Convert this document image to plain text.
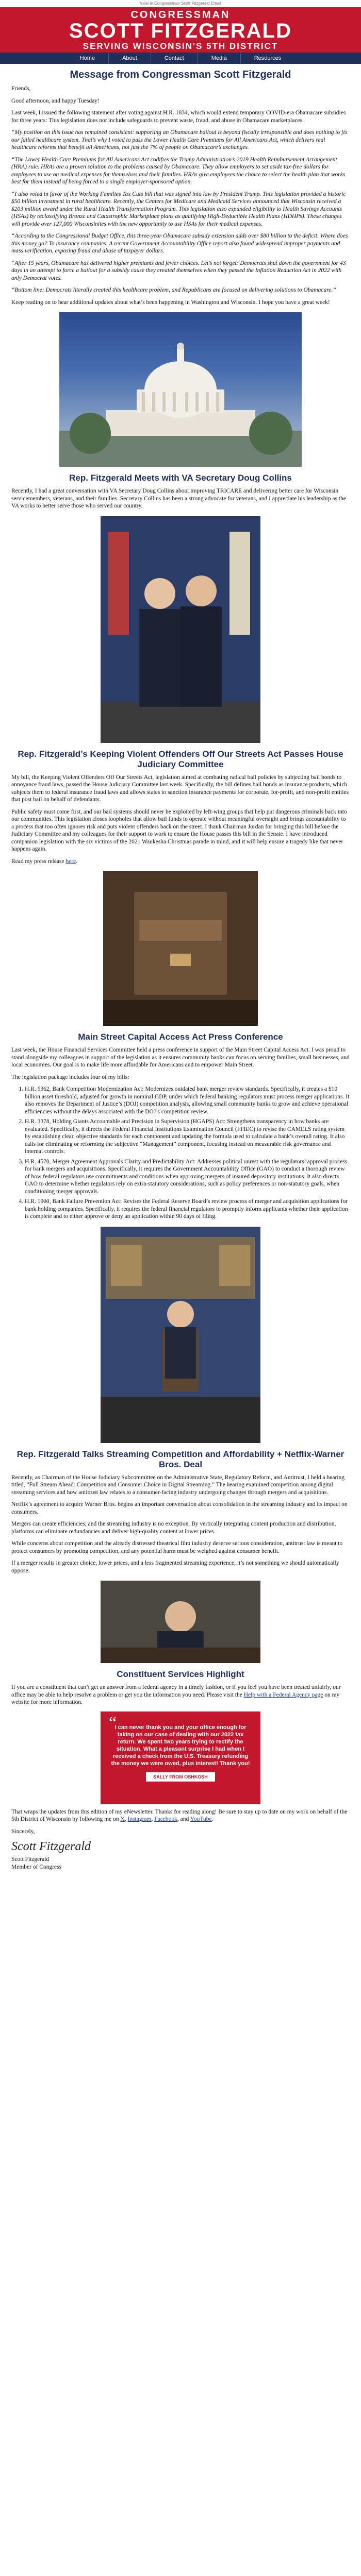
View in Congressman Scott Fitzgerald Email
CONGRESSMAN
SCOTT FITZGERALD
SERVING WISCONSIN'S 5TH DISTRICT
Home	About	Contact	Media	Resources
Message from Congressman Scott Fitzgerald

Friends,

Good afternoon, and happy Tuesday!

Last week, I issued the following statement after voting against H.R. 1834, which would extend temporary COVID-era Obamacare subsidies for three years: This legislation does not include safeguards to prevent waste, fraud, and abuse in Obamacare marketplaces.

“My position on this issue has remained consistent: supporting an Obamacare bailout is beyond fiscally irresponsible and does nothing to fix our failed healthcare system. That’s why I voted to pass the Lower Health Care Premiums for All Americans Act, which delivers real healthcare reforms that benefit all Americans, not just the 7% of people on Obamacare’s exchanges.

“The Lower Health Care Premiums for All Americans Act codifies the Trump Administration’s 2019 Health Reimbursement Arrangement (HRA) rule. HRAs are a proven solution to the problems caused by Obamacare. They allow employers to set aside tax-free dollars for employees to use on medical expenses for themselves and their families. HRAs give employees the choice to select the health plan that works best for them instead of being forced to a single employer-sponsored option.

“I also voted in favor of the Working Families Tax Cuts bill that was signed into law by President Trump. This legislation provided a historic $50 billion investment in rural healthcare. Recently, the Centers for Medicare and Medicaid Services announced that Wisconsin received a $203 million award under the Rural Health Transformation Program. This legislation also expanded eligibility to Health Savings Accounts (HSAs) by reclassifying Bronze and Catastrophic Marketplace plans as qualifying High-Deductible Health Plans (HDHPs). These changes will provide over 127,000 Wisconsinites with the new opportunity to use HSAs for their medical expenses.

“According to the Congressional Budget Office, this three-year Obamacare subsidy extension adds over $80 billion to the deficit. Where does this money go? To insurance companies. A recent Government Accountability Office report also found widespread improper payments and mass verification, exposing fraud and abuse of taxpayer dollars.

“After 15 years, Obamacare has delivered higher premiums and fewer choices. Let’s not forget: Democrats shut down the government for 43 days in an attempt to force a bailout for a subsidy cause they created themselves when they passed the Inflation Reduction Act in 2022 with only Democrat votes.

“Bottom line: Democrats literally created this healthcare problem, and Republicans are focused on delivering solutions to Obamacare.”

Keep reading on to hear additional updates about what’s been happening in Washington and Wisconsin. I hope you have a great week!

Rep. Fitzgerald Meets with VA Secretary Doug Collins

Recently, I had a great conversation with VA Secretary Doug Collins about improving TRICARE and delivering better care for Wisconsin servicemembers, veterans, and their families. Secretary Collins has been a strong advocate for veterans, and I appreciate his leadership as the VA works to better serve those who served our country.

Rep. Fitzgerald’s Keeping Violent Offenders Off Our Streets Act Passes House Judiciary Committee

My bill, the Keeping Violent Offenders Off Our Streets Act, legislation aimed at combating radical bail policies by subjecting bail bonds to annoyance fraud laws, passed the House Judiciary Committee last week. Specifically, the bill defines bail bonds as insurance products, which subjects them to federal insurance fraud laws and allows states to sanction insurance payments for corporate, for-profit, and non-profit entities that post bail on behalf of defendants.

Public safety must come first, and our bail systems should never be exploited by left-wing groups that help put dangerous criminals back into our communities. This legislation closes loopholes that allow bail funds to operate without meaningful oversight and brings accountability to a process that too often ignores risk and puts violent offenders back on the street. I thank Chairman Jordan for bringing this bill before the Judiciary Committee and my colleagues for their support to work to ensure the House passes this bill in the Senate. I have introduced companion legislation with the six victims of the 2021 Waukesha Christmas parade in mind, and it will help ensure a tragedy like that never happens again.

Read my press release here.

Main Street Capital Access Act Press Conference

Last week, the House Financial Services Committee held a press conference in support of the Main Street Capital Access Act. I was proud to stand alongside my colleagues in support of the legislation as it ensures community banks can focus on serving families, small businesses, and local economies. Our goal is to make life more affordable for Americans and to empower Main Street.

The legislation package includes four of my bills:

1. H.R. 5362, Bank Competition Modernization Act: Modernizes outdated bank merger review standards. Specifically, it creates a $10 billion asset threshold, adjusted for growth in nominal GDP, under which federal banking regulators must process merger applications. It also removes the Department of Justice’s (DOJ) competition analysis, allowing small community banks to grow and achieve operational efficiencies without the delays associated with the DOJ’s competition review.
2. H.R. 3378, Holding Giants Accountable and Precision in Supervision (HGAPS) Act: Strengthens transparency in how banks are evaluated. Specifically, it directs the Federal Financial Institutions Examination Council (FFIEC) to revise the CAMELS rating system by establishing clear, objective standards for each component and updating the formula used to calculate a bank’s overall rating. It also calls for eliminating or reforming the subjective “Management” component, focusing instead on measurable risk governance and internal controls.
3. H.R. 4570, Merger Agreement Approvals Clarity and Predictability Act: Addresses political unrest with the regulators’ approval process for bank mergers and acquisitions. Specifically, it requires the Government Accountability Office (GAO) to conduct a thorough review of how federal regulators use commitments and conditions when approving mergers of insured depository institutions. It also directs GAO to determine whether regulators rely on extra-statutory considerations, such as policy preferences or non-statutory goals, when conditioning merger approvals.
4. H.R. 1900, Bank Failure Prevention Act: Revises the Federal Reserve Board’s review process of merger and acquisition applications for bank holding companies. Specifically, it requires the federal financial regulators to promptly inform applicants whether their application is complete and to either approve or deny an application within 90 days of filing.
Rep. Fitzgerald Talks Streaming Competition and Affordability + Netflix-Warner Bros. Deal

Recently, as Chairman of the House Judiciary Subcommittee on the Administrative State, Regulatory Reform, and Antitrust, I held a hearing titled, “Full Stream Ahead: Competition and Consumer Choice in Digital Streaming.” The hearing examined competition among digital streaming services and how antitrust law relates to a consumer-facing industry undergoing changes through mergers and acquisitions.

Netflix’s agreement to acquire Warner Bros. begins an important conversation about consolidation in the streaming industry and its impact on consumers.

Mergers can create efficiencies, and the streaming industry is no exception. By vertically integrating content production and distribution, platforms can eliminate redundancies and deliver high-quality content at lower prices.

While concerns about competition and the already distressed theatrical film industry deserve serious consideration, antitrust law is meant to protect consumers by promoting competition, and any potential harm must be weighed against consumer benefit.

If a merger results in greater choice, lower prices, and a less fragmented streaming experience, it’s not something we should automatically oppose.

Constituent Services Highlight

If you are a constituent that can’t get an answer from a federal agency in a timely fashion, or if you feel you have been treated unfairly, our office may be able to help resolve a problem or get you the information you need. Please visit the Help with a Federal Agency page on my website for more information.

“
I can never thank you and your office enough for taking on our case of dealing with our 2022 tax return. We spent two years trying to rectify the situation. What a pleasant surprise I had when I received a check from the U.S. Treasury refunding the money we were owed, plus interest! Thank you!
SALLY FROM OSHKOSH

That wraps the updates from this edition of my eNewsletter. Thanks for reading along! Be sure to stay up to date on my work on behalf of the 5th District of Wisconsin by following me on X, Instagram, Facebook, and YouTube.

Sincerely,

Scott Fitzgerald

Scott Fitzgerald
Member of Congress
